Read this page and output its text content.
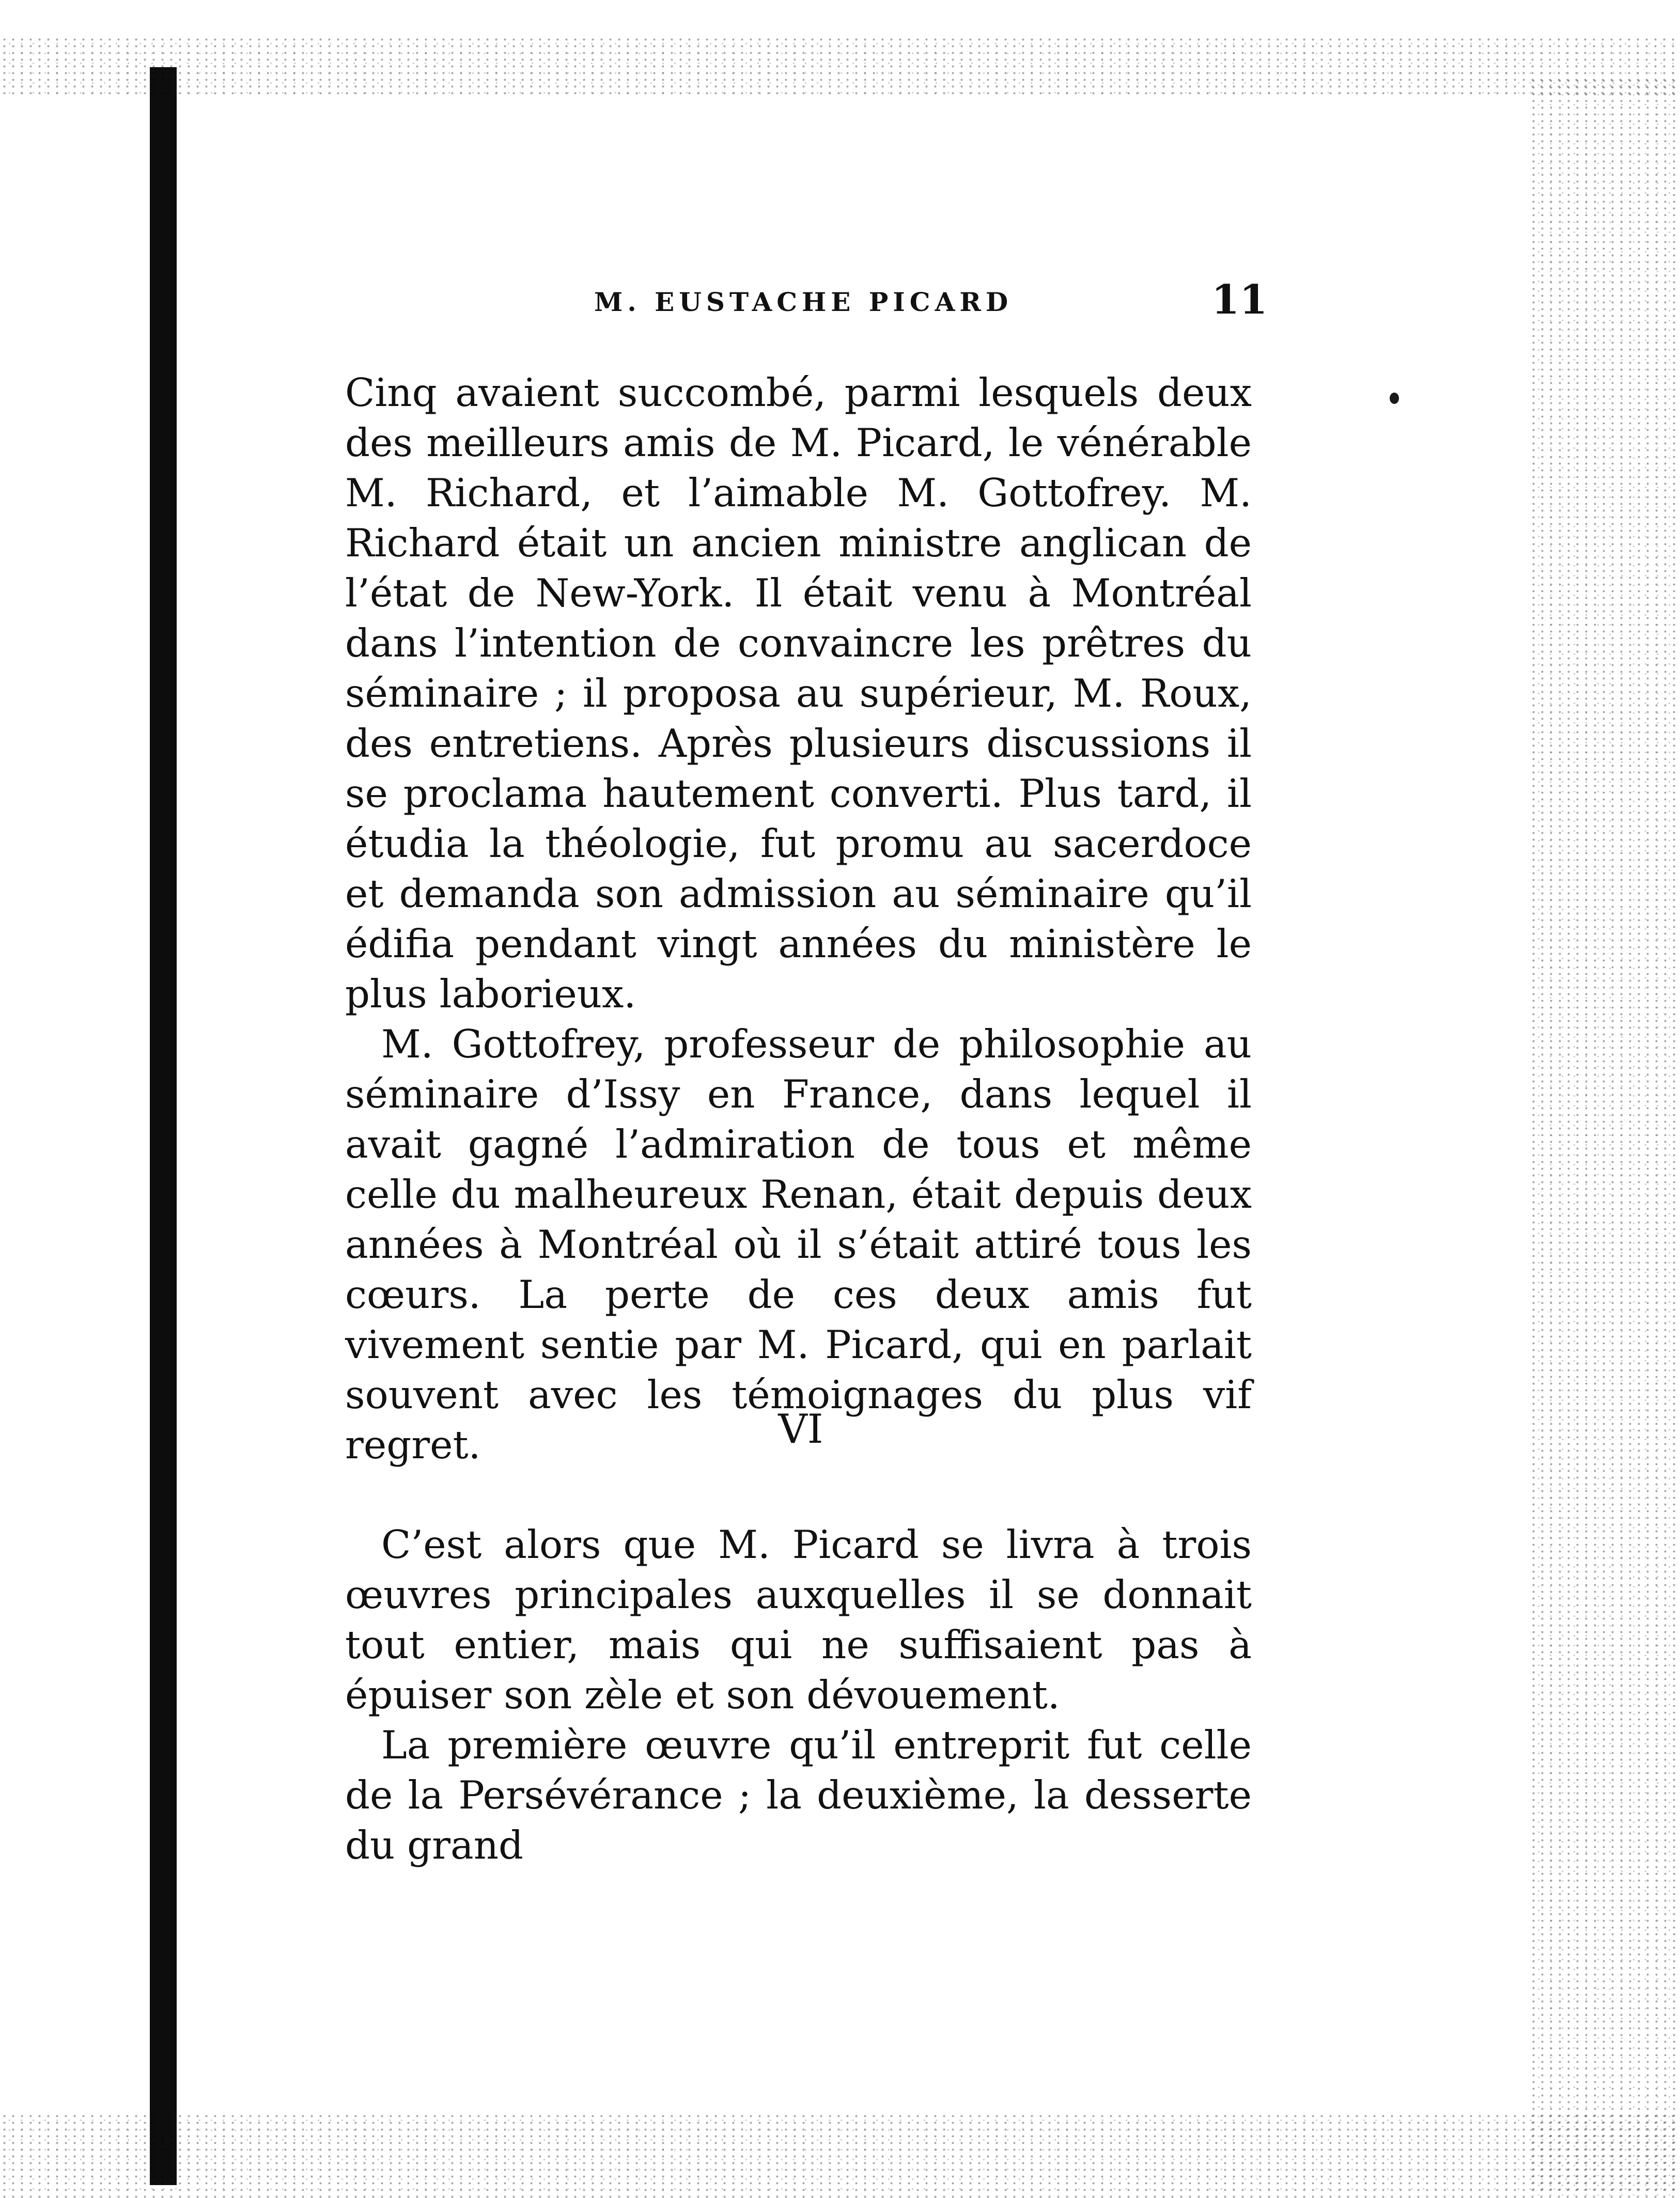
M. EUSTACHE PICARD	11

Cinq avaient succombé, parmi lesquels deux des meilleurs amis de M. Picard, le vénérable M. Richard, et l’aimable M. Gottofrey. M. Richard était un ancien ministre anglican de l’état de New-York. Il était venu à Montréal dans l’intention de convaincre les prêtres du séminaire ; il proposa au supérieur, M. Roux, des entretiens. Après plusieurs discussions il se proclama hautement converti. Plus tard, il étudia la théologie, fut promu au sacerdoce et demanda son admission au séminaire qu’il édifia pendant vingt années du ministère le plus laborieux.

M. Gottofrey, professeur de philosophie au séminaire d’Issy en France, dans lequel il avait gagné l’admiration de tous et même celle du malheureux Renan, était depuis deux années à Montréal où il s’était attiré tous les cœurs. La perte de ces deux amis fut vivement sentie par M. Picard, qui en parlait souvent avec les témoignages du plus vif regret.	VI

C’est alors que M. Picard se livra à trois œuvres principales auxquelles il se donnait tout entier, mais qui ne suffisaient pas à épuiser son zèle et son dévouement.

La première œuvre qu’il entreprit fut celle de la Persévérance ; la deuxième, la desserte du grand
